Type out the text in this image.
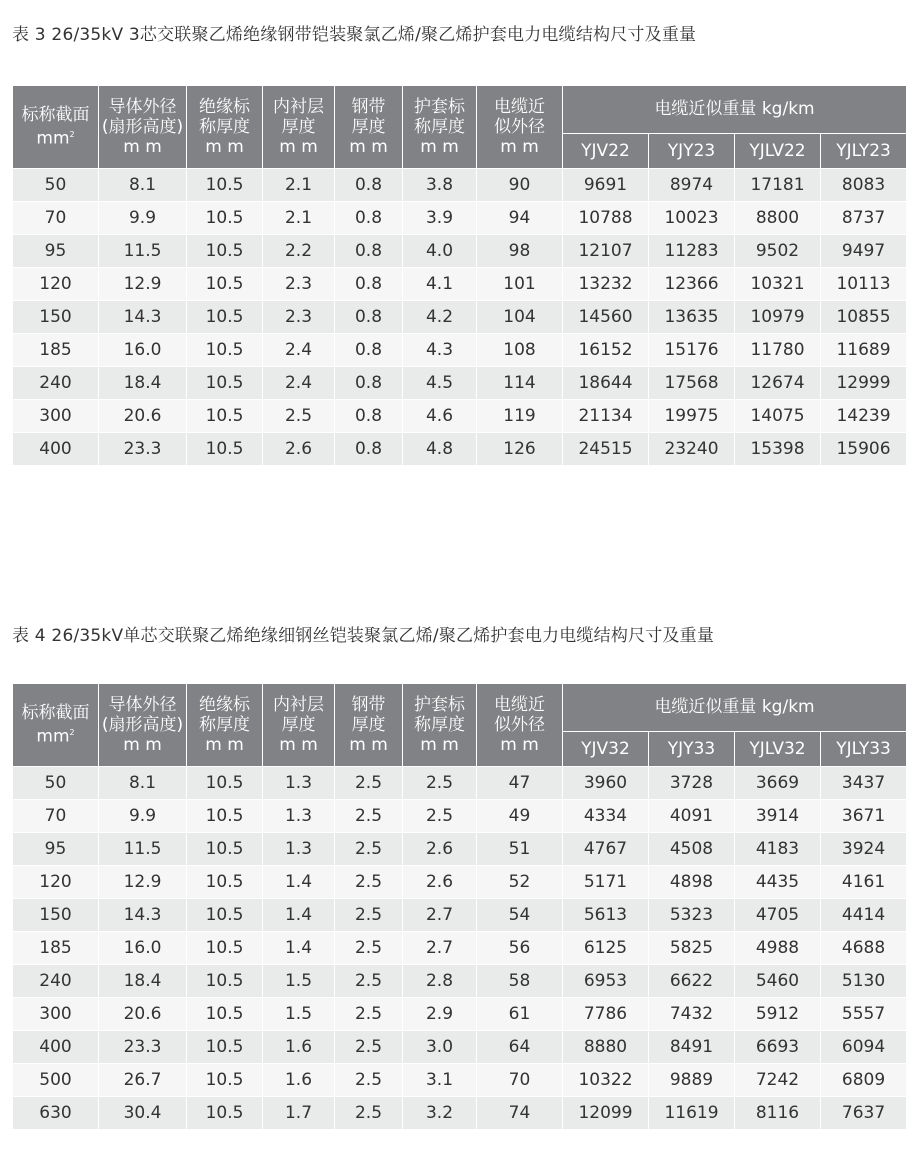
表 3 26/35kV 3芯交联聚乙烯绝缘钢带铠装聚氯乙烯/聚乙烯护套电力电缆结构尺寸及重量
标称截面
$mm^2$	导体外径
(扇形高度)
m m	绝缘标
称厚度
m m	内衬层
厚度
m m	钢带
厚度
m m	护套标
称厚度
m m	电缆近
似外径
m m	电缆近似重量 kg/km			
							YJV22	YJY23	YJLV22	YJLY23
50	8.1	10.5	2.1	0.8	3.8	90	9691	8974	17181	8083
70	9.9	10.5	2.1	0.8	3.9	94	10788	10023	8800	8737
95	11.5	10.5	2.2	0.8	4.0	98	12107	11283	9502	9497
120	12.9	10.5	2.3	0.8	4.1	101	13232	12366	10321	10113
150	14.3	10.5	2.3	0.8	4.2	104	14560	13635	10979	10855
185	16.0	10.5	2.4	0.8	4.3	108	16152	15176	11780	11689
240	18.4	10.5	2.4	0.8	4.5	114	18644	17568	12674	12999
300	20.6	10.5	2.5	0.8	4.6	119	21134	19975	14075	14239
400	23.3	10.5	2.6	0.8	4.8	126	24515	23240	15398	15906
表 4 26/35kV单芯交联聚乙烯绝缘细钢丝铠装聚氯乙烯/聚乙烯护套电力电缆结构尺寸及重量
标称截面
$mm^2$	导体外径
(扇形高度)
m m	绝缘标
称厚度
m m	内衬层
厚度
m m	钢带
厚度
m m	护套标
称厚度
m m	电缆近
似外径
m m	电缆近似重量 kg/km			
							YJV32	YJY33	YJLV32	YJLY33
50	8.1	10.5	1.3	2.5	2.5	47	3960	3728	3669	3437
70	9.9	10.5	1.3	2.5	2.5	49	4334	4091	3914	3671
95	11.5	10.5	1.3	2.5	2.6	51	4767	4508	4183	3924
120	12.9	10.5	1.4	2.5	2.6	52	5171	4898	4435	4161
150	14.3	10.5	1.4	2.5	2.7	54	5613	5323	4705	4414
185	16.0	10.5	1.4	2.5	2.7	56	6125	5825	4988	4688
240	18.4	10.5	1.5	2.5	2.8	58	6953	6622	5460	5130
300	20.6	10.5	1.5	2.5	2.9	61	7786	7432	5912	5557
400	23.3	10.5	1.6	2.5	3.0	64	8880	8491	6693	6094
500	26.7	10.5	1.6	2.5	3.1	70	10322	9889	7242	6809
630	30.4	10.5	1.7	2.5	3.2	74	12099	11619	8116	7637
